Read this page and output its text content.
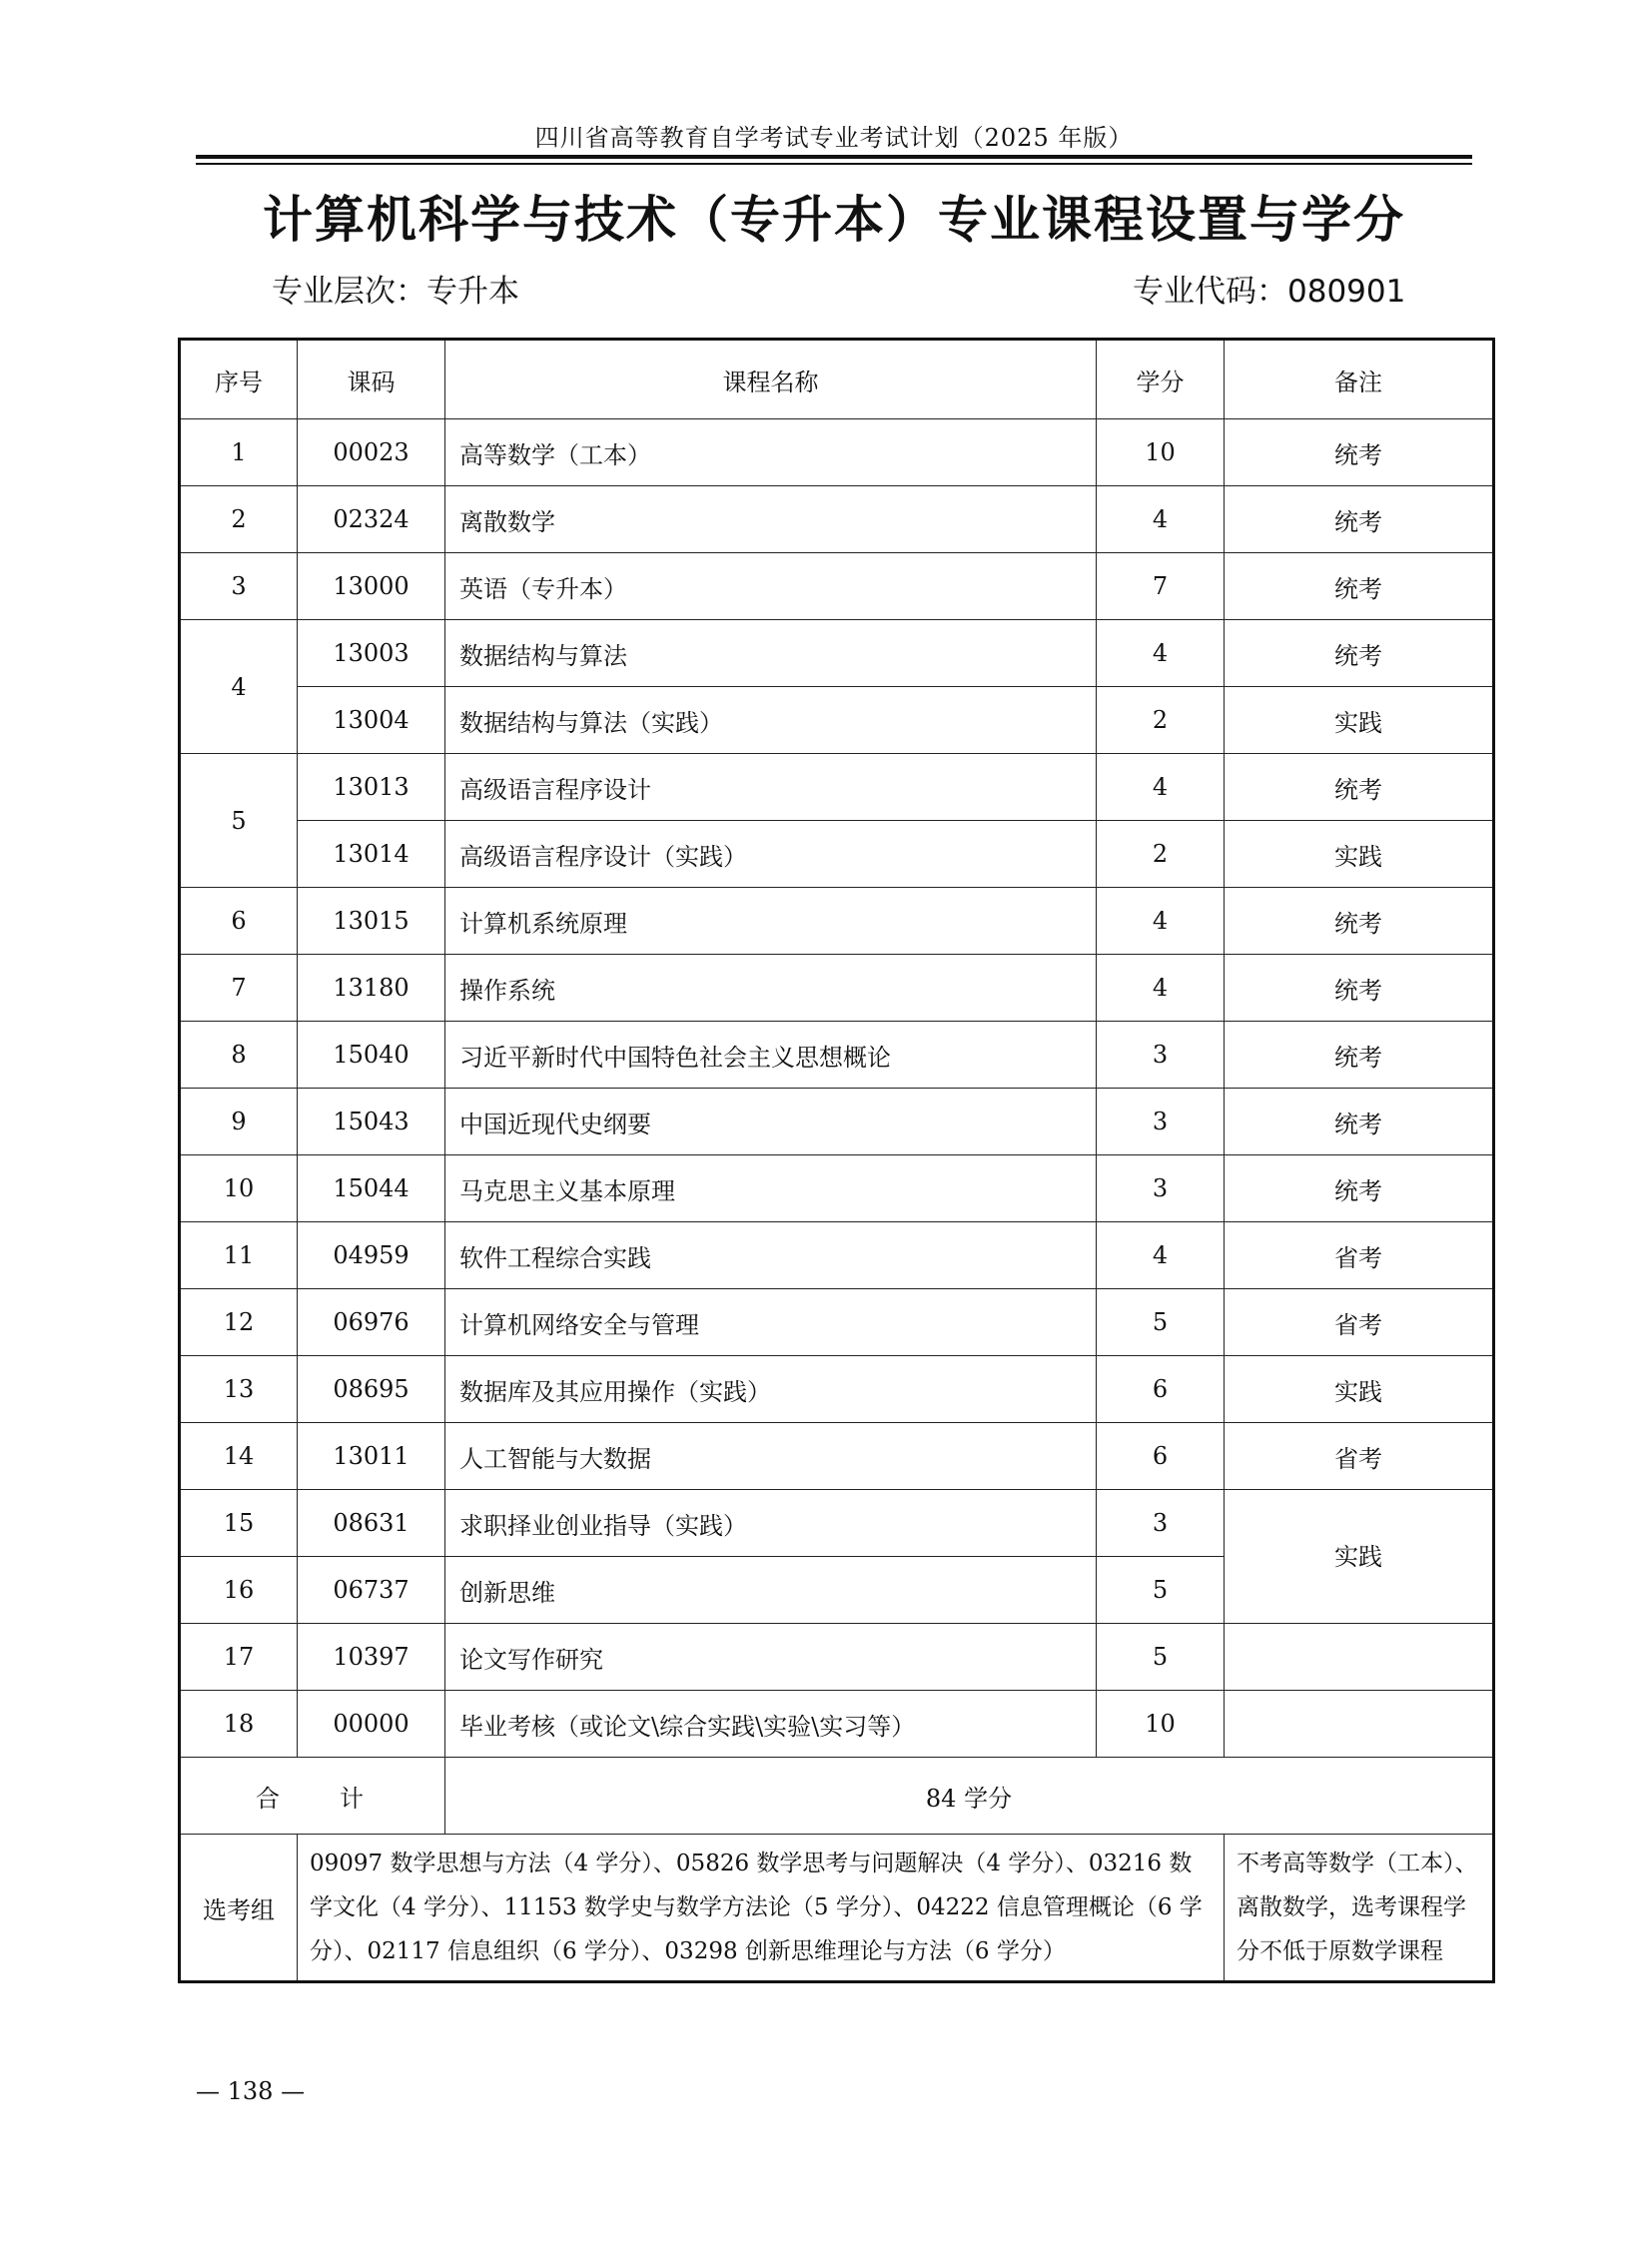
四川省高等教育自学考试专业考试计划（2025 年版）
计算机科学与技术（专升本）专业课程设置与学分
专业层次：专升本	专业代码：080901
序号	课码	课程名称	学分	备注
1	00023	高等数学（工本）	10	统考
2	02324	离散数学	4	统考
3	13000	英语（专升本）	7	统考
4	13003	数据结构与算法	4	统考
	13004	数据结构与算法（实践）	2	实践
5	13013	高级语言程序设计	4	统考
	13014	高级语言程序设计（实践）	2	实践
6	13015	计算机系统原理	4	统考
7	13180	操作系统	4	统考
8	15040	习近平新时代中国特色社会主义思想概论	3	统考
9	15043	中国近现代史纲要	3	统考
10	15044	马克思主义基本原理	3	统考
11	04959	软件工程综合实践	4	省考
12	06976	计算机网络安全与管理	5	省考
13	08695	数据库及其应用操作（实践）	6	实践
14	13011	人工智能与大数据	6	省考
15	08631	求职择业创业指导（实践）	3	实践
16	06737	创新思维	5	
17	10397	论文写作研究	5	
18	00000	毕业考核（或论文\综合实践\实验\实习等）	10	
合计		84 学分		
选考组	09097 数学思想与方法（4 学分）、05826 数学思考与问题解决（4 学分）、03216 数学文化（4 学分）、11153 数学史与数学方法论（5 学分）、04222 信息管理概论（6 学分）、02117 信息组织（6 学分）、03298 创新思维理论与方法（6 学分）			不考高等数学（工本）、离散数学，选考课程学分不低于原数学课程
— 138 —
